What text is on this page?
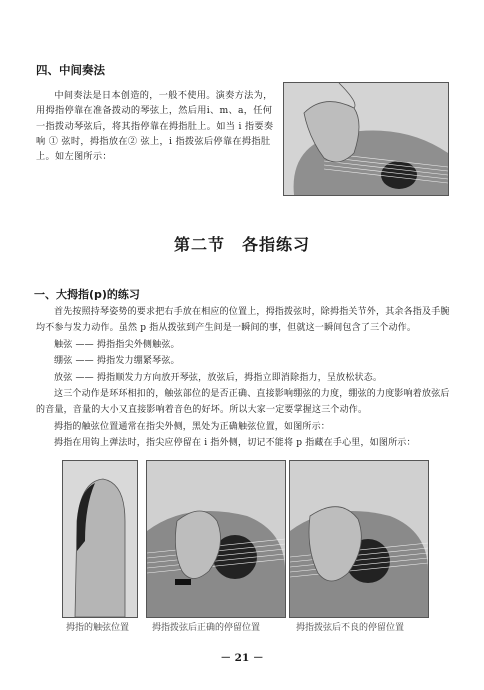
四、中间奏法

中间奏法是日本创造的，一般不使用。演奏方法为，用拇指停靠在准备拨动的琴弦上，然后用i、m、a，任何一指拨动琴弦后，将其指停靠在拇指肚上。如当 i 指要奏响 ① 弦时，拇指放在② 弦上，i 指拨弦后停靠在拇指肚上。如左图所示：

第二节　各指练习
一、大拇指(p)的练习

首先按照持琴姿势的要求把右手放在相应的位置上，拇指拨弦时，除拇指关节外，其余各指及手腕均不参与发力动作。虽然 p 指从拨弦到产生间是一瞬间的事，但就这一瞬间包含了三个动作。

触弦 —— 拇指指尖外侧触弦。

绷弦 —— 拇指发力绷紧琴弦。

放弦 —— 拇指顺发力方向放开琴弦，放弦后，拇指立即消除指力，呈放松状态。

这三个动作是环环相扣的，触弦部位的是否正确、直接影响绷弦的力度，绷弦的力度影响着放弦后的音量，音量的大小又直接影响着音色的好坏。所以大家一定要掌握这三个动作。

拇指的触弦位置通常在指尖外侧，黑处为正确触弦位置，如图所示：

拇指在用钩上弹法时，指尖应停留在 i 指外侧，切记不能将 p 指藏在手心里，如图所示：

拇指的触弦位置	拇指拨弦后正确的停留位置	拇指拨弦后不良的停留位置
－ 21 －
